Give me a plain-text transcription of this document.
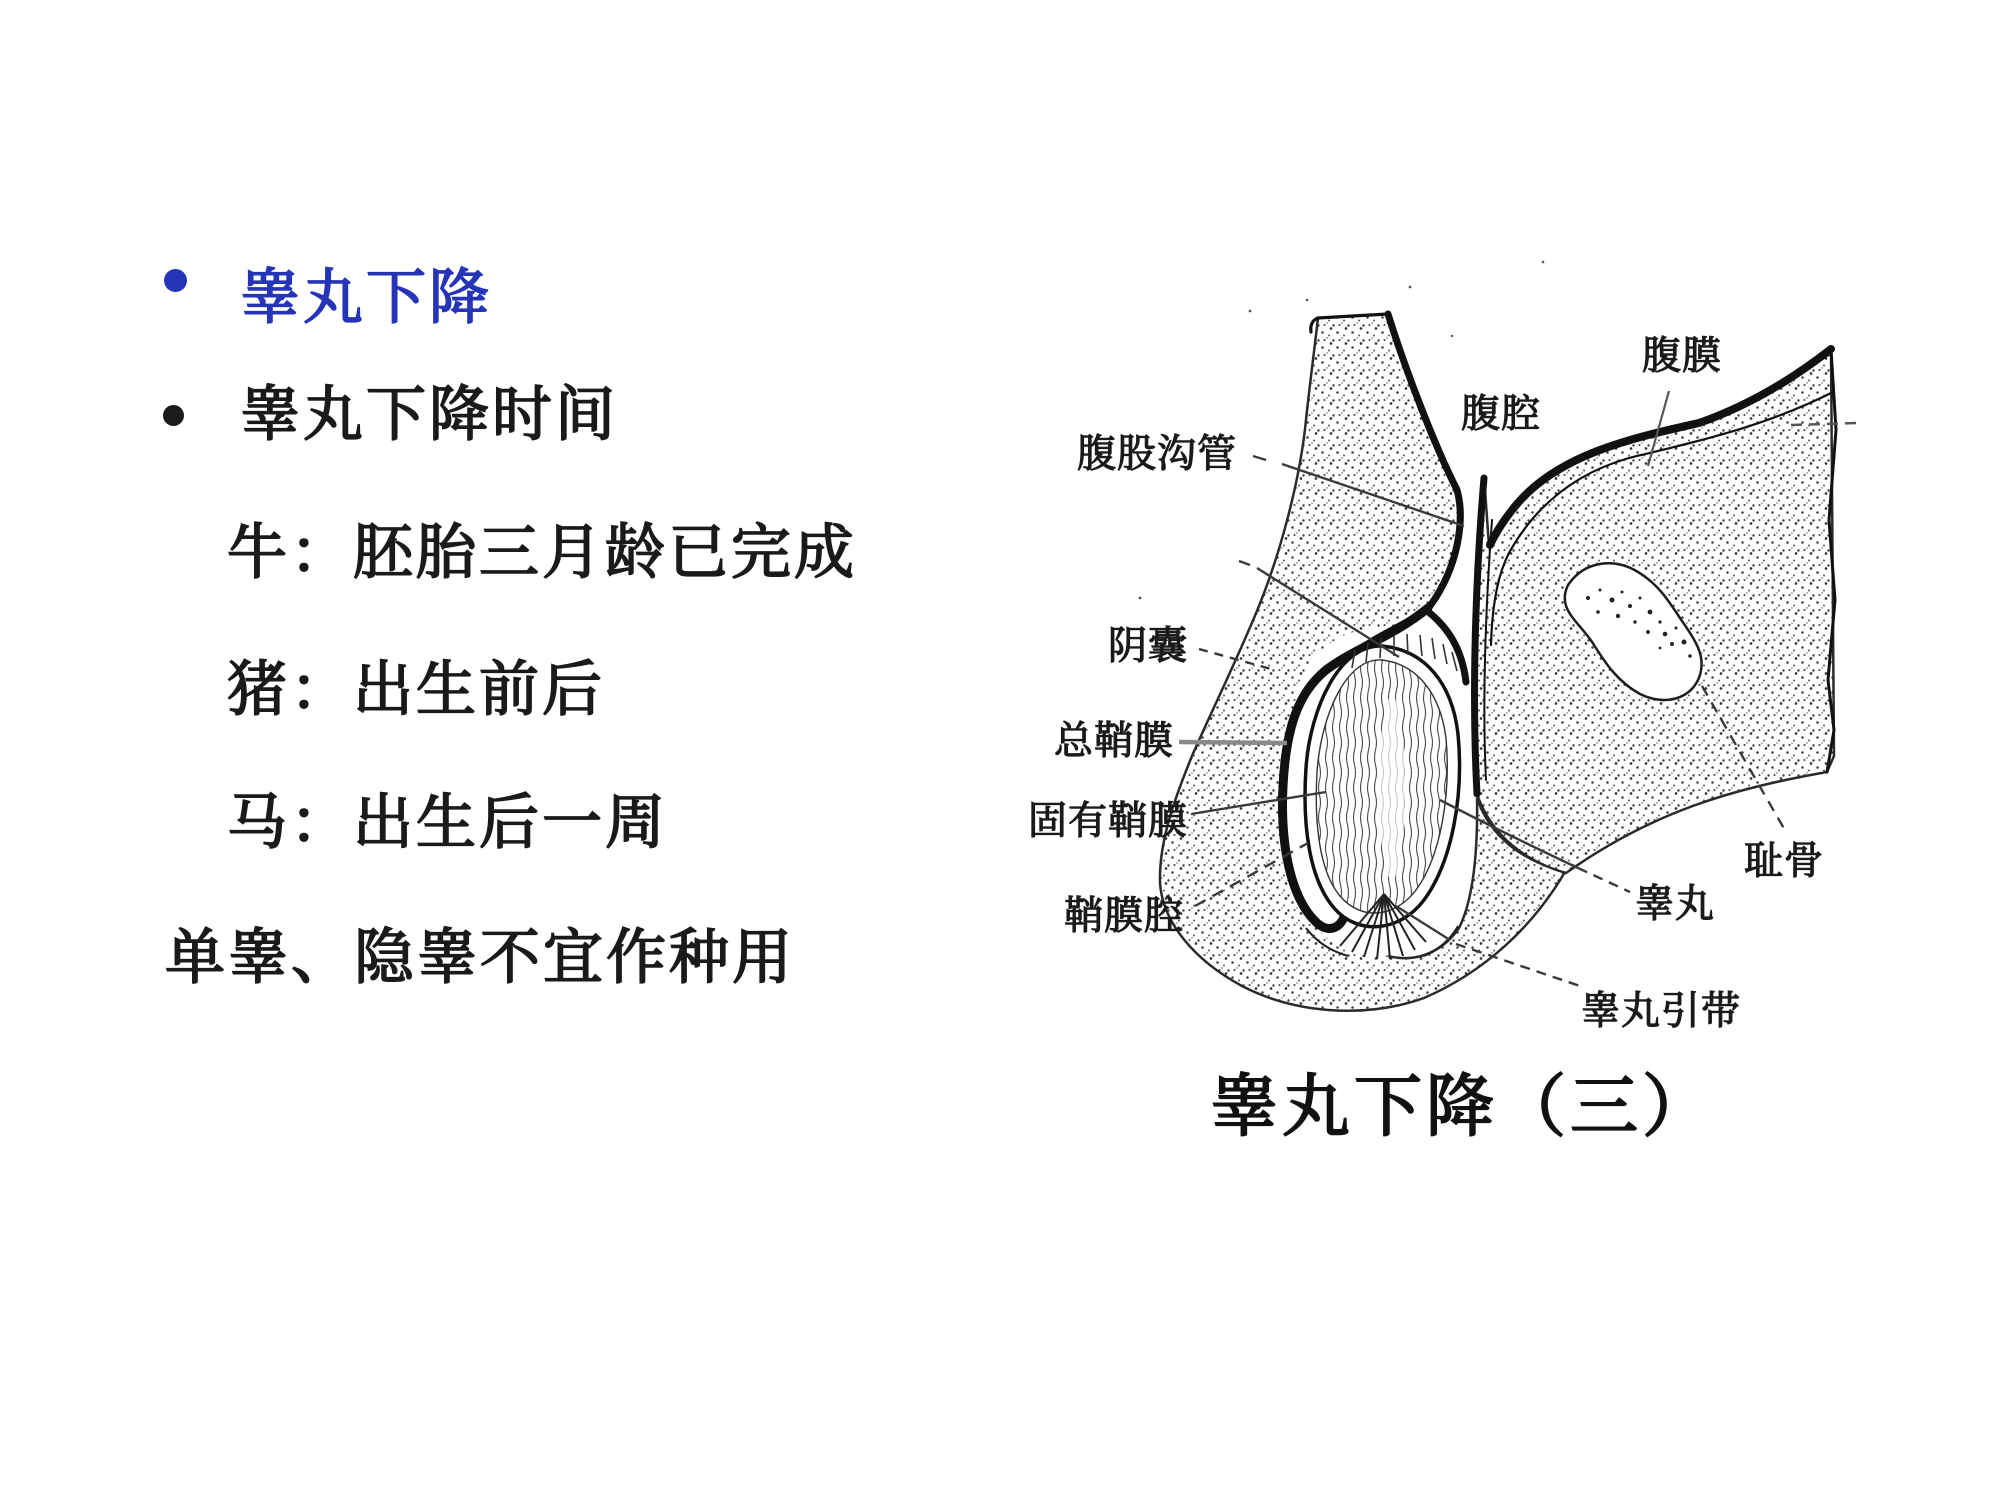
睾丸下降
睾丸下降时间
牛：胚胎三月龄已完成
猪：出生前后
马：出生后一周
单睾、隐睾不宜作种用
腹膜
腹腔
腹股沟管
阴囊
总鞘膜
固有鞘膜
鞘膜腔
耻骨
睾丸
睾丸引带
睾丸下降（三）
